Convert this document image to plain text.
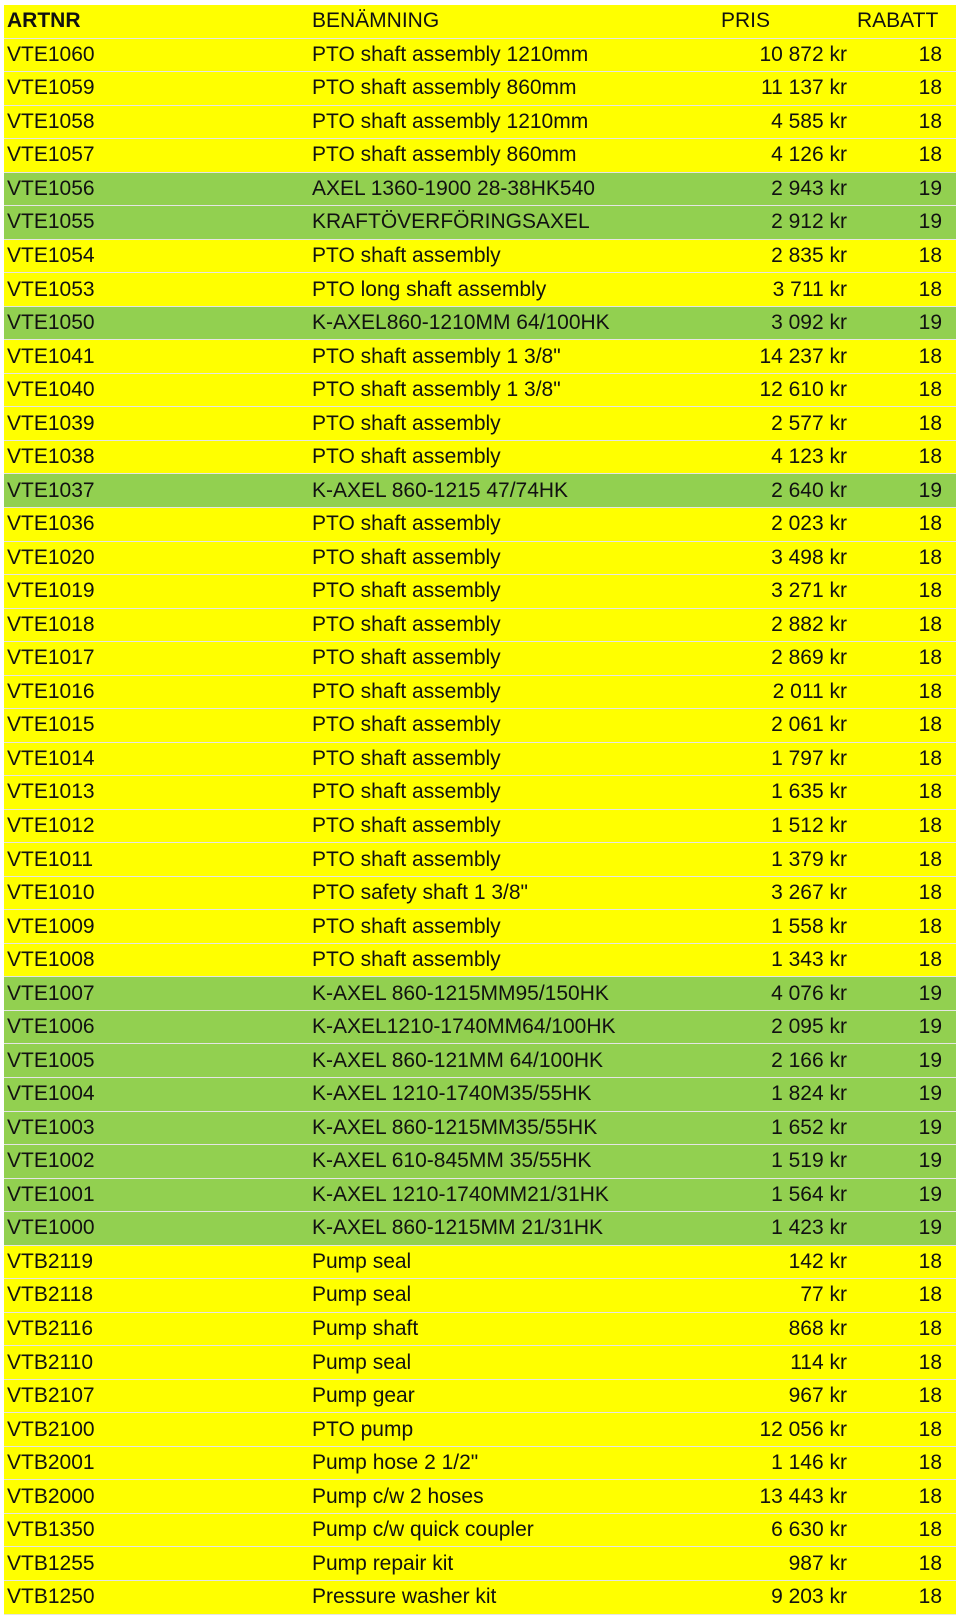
ARTNR	BENÄMNING	PRIS	RABATT
VTE1060	PTO shaft assembly 1210mm	10 872 kr	18
VTE1059	PTO shaft assembly 860mm	11 137 kr	18
VTE1058	PTO shaft assembly 1210mm	4 585 kr	18
VTE1057	PTO shaft assembly 860mm	4 126 kr	18
VTE1056	AXEL 1360-1900 28-38HK540	2 943 kr	19
VTE1055	KRAFTÖVERFÖRINGSAXEL	2 912 kr	19
VTE1054	PTO shaft assembly	2 835 kr	18
VTE1053	PTO long shaft assembly	3 711 kr	18
VTE1050	K-AXEL860-1210MM 64/100HK	3 092 kr	19
VTE1041	PTO shaft assembly 1 3/8"	14 237 kr	18
VTE1040	PTO shaft assembly 1 3/8"	12 610 kr	18
VTE1039	PTO shaft assembly	2 577 kr	18
VTE1038	PTO shaft assembly	4 123 kr	18
VTE1037	K-AXEL 860-1215 47/74HK	2 640 kr	19
VTE1036	PTO shaft assembly	2 023 kr	18
VTE1020	PTO shaft assembly	3 498 kr	18
VTE1019	PTO shaft assembly	3 271 kr	18
VTE1018	PTO shaft assembly	2 882 kr	18
VTE1017	PTO shaft assembly	2 869 kr	18
VTE1016	PTO shaft assembly	2 011 kr	18
VTE1015	PTO shaft assembly	2 061 kr	18
VTE1014	PTO shaft assembly	1 797 kr	18
VTE1013	PTO shaft assembly	1 635 kr	18
VTE1012	PTO shaft assembly	1 512 kr	18
VTE1011	PTO shaft assembly	1 379 kr	18
VTE1010	PTO safety shaft 1 3/8"	3 267 kr	18
VTE1009	PTO shaft assembly	1 558 kr	18
VTE1008	PTO shaft assembly	1 343 kr	18
VTE1007	K-AXEL 860-1215MM95/150HK	4 076 kr	19
VTE1006	K-AXEL1210-1740MM64/100HK	2 095 kr	19
VTE1005	K-AXEL 860-121MM 64/100HK	2 166 kr	19
VTE1004	K-AXEL 1210-1740M35/55HK	1 824 kr	19
VTE1003	K-AXEL 860-1215MM35/55HK	1 652 kr	19
VTE1002	K-AXEL 610-845MM 35/55HK	1 519 kr	19
VTE1001	K-AXEL 1210-1740MM21/31HK	1 564 kr	19
VTE1000	K-AXEL 860-1215MM 21/31HK	1 423 kr	19
VTB2119	Pump seal	142 kr	18
VTB2118	Pump seal	77 kr	18
VTB2116	Pump shaft	868 kr	18
VTB2110	Pump seal	114 kr	18
VTB2107	Pump gear	967 kr	18
VTB2100	PTO pump	12 056 kr	18
VTB2001	Pump hose 2 1/2"	1 146 kr	18
VTB2000	Pump c/w 2 hoses	13 443 kr	18
VTB1350	Pump c/w quick coupler	6 630 kr	18
VTB1255	Pump repair kit	987 kr	18
VTB1250	Pressure washer kit	9 203 kr	18
